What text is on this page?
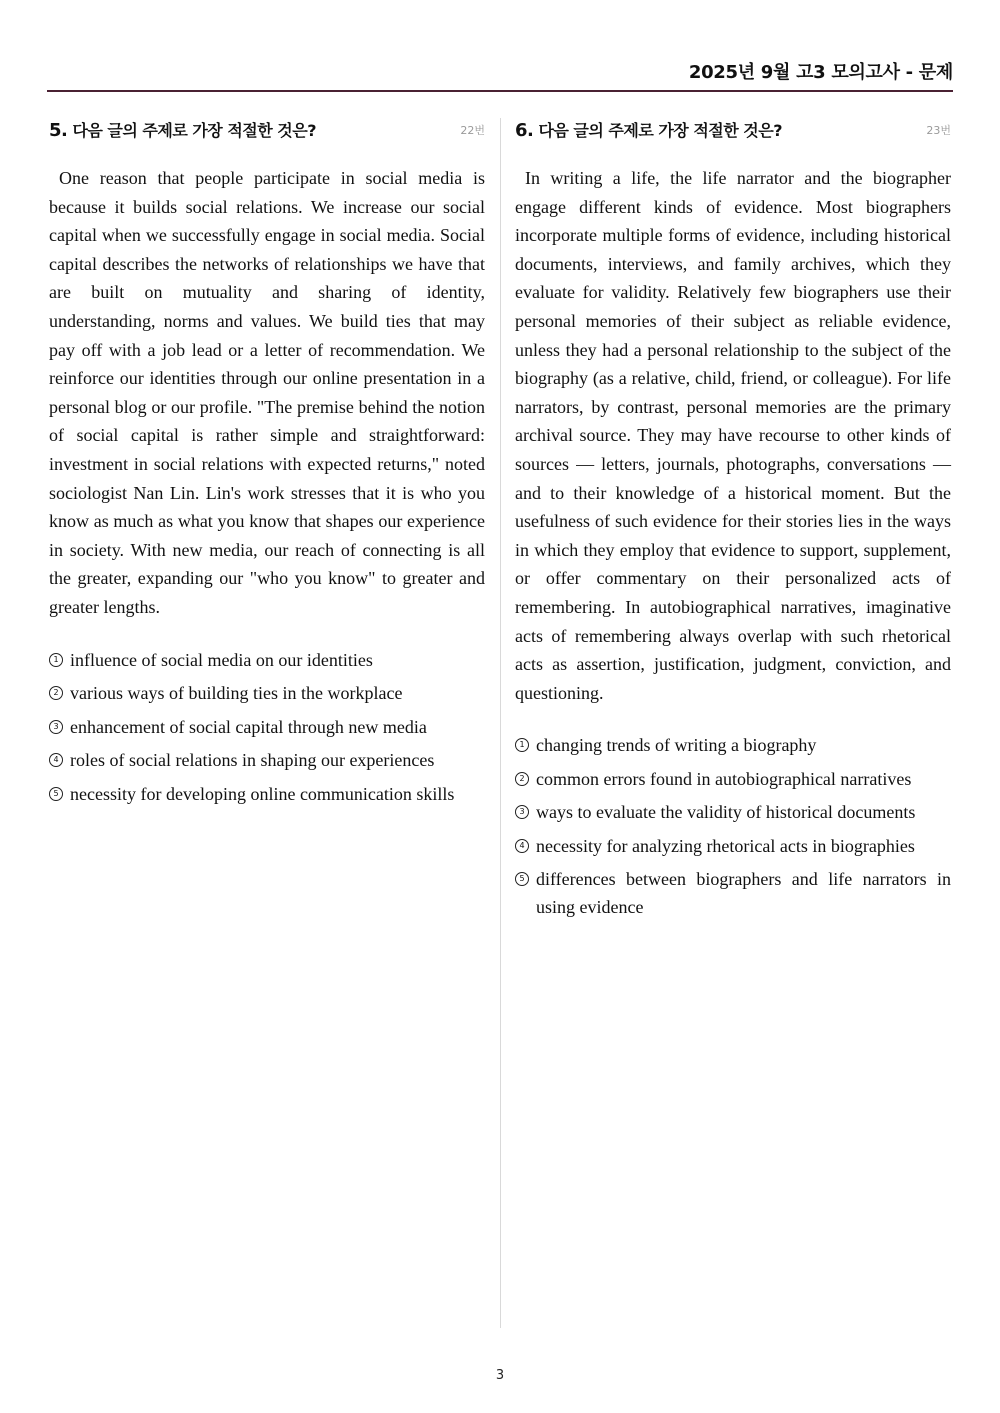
2025년 9월 고3 모의고사 - 문제
5. 다음 글의 주제로 가장 적절한 것은?	22번

One reason that people participate in social media is because it builds social relations. We increase our social capital when we successfully engage in social media. Social capital describes the networks of relationships we have that are built on mutuality and sharing of identity, understanding, norms and values. We build ties that may pay off with a job lead or a letter of recommendation. We reinforce our identities through our online presentation in a personal blog or our profile. "The premise behind the notion of social capital is rather simple and straightforward: investment in social relations with expected returns," noted sociologist Nan Lin. Lin's work stresses that it is who you know as much as what you know that shapes our experience in society. With new media, our reach of connecting is all the greater, expanding our "who you know" to greater and greater lengths.

1 influence of social media on our identities
2 various ways of building ties in the workplace
3 enhancement of social capital through new media
4 roles of social relations in shaping our experiences
5 necessity for developing online communication skills
6. 다음 글의 주제로 가장 적절한 것은?	23번

In writing a life, the life narrator and the biographer engage different kinds of evidence. Most biographers incorporate multiple forms of evidence, including historical documents, interviews, and family archives, which they evaluate for validity. Relatively few biographers use their personal memories of their subject as reliable evidence, unless they had a personal relationship to the subject of the biography (as a relative, child, friend, or colleague). For life narrators, by contrast, personal memories are the primary archival source. They may have recourse to other kinds of sources — letters, journals, photographs, conversations — and to their knowledge of a historical moment. But the usefulness of such evidence for their stories lies in the ways in which they employ that evidence to support, supplement, or offer commentary on their personalized acts of remembering. In autobiographical narratives, imaginative acts of remembering always overlap with such rhetorical acts as assertion, justification, judgment, conviction, and questioning.

1 changing trends of writing a biography
2 common errors found in autobiographical narratives
3 ways to evaluate the validity of historical documents
4 necessity for analyzing rhetorical acts in biographies
5 differences between biographers and life narrators in using evidence
3
